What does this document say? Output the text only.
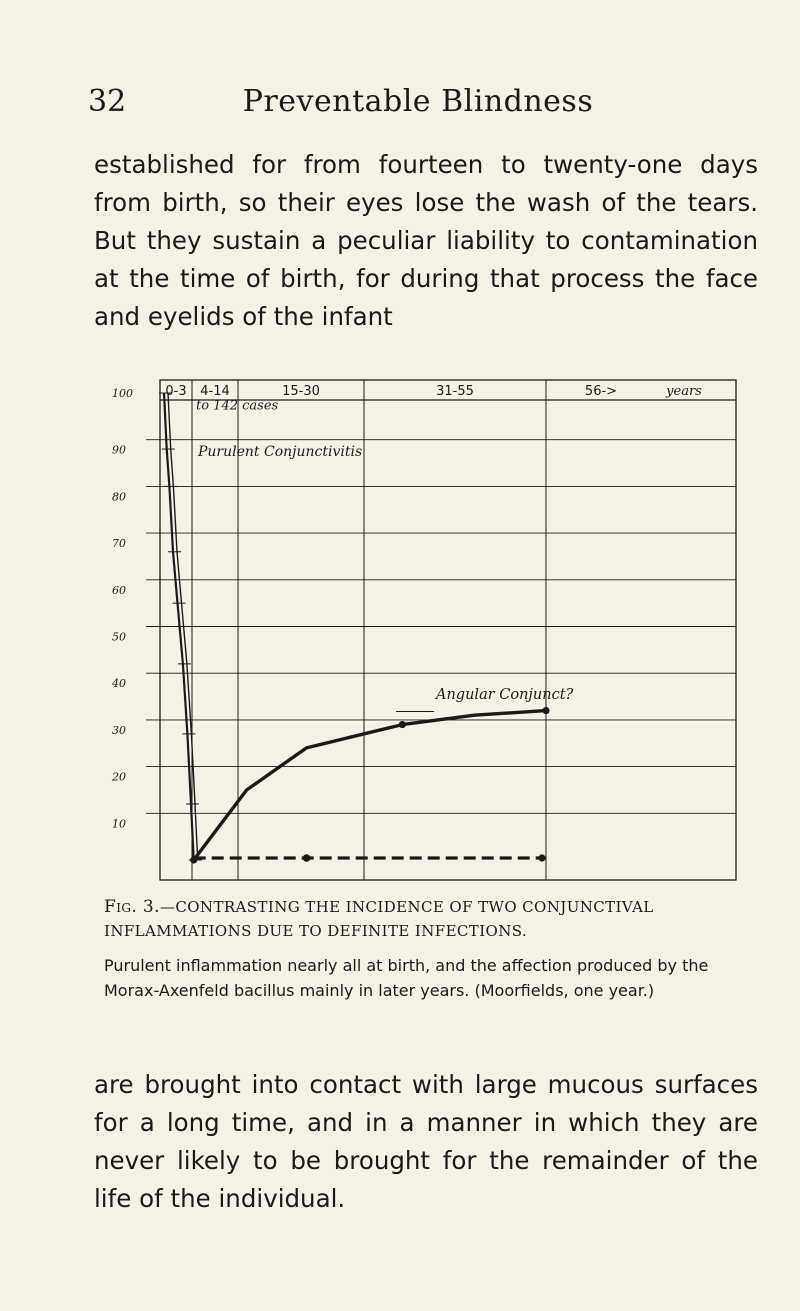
32	Preventable Blindness

established for from fourteen to twenty-one days from birth, so their eyes lose the wash of the tears. But they sustain a peculiar liability to contamination at the time of birth, for during that process the face and eyelids of the infant

0-3 4-14	15-30	31-55	56->	years
100
90
80
70
60
50
40
30
20
10
to 142 cases
Purulent Conjunctivitis
Angular Conjunct?

Fig. 3.—CONTRASTING THE INCIDENCE OF TWO CONJUNCTIVAL INFLAMMATIONS DUE TO DEFINITE INFECTIONS.

Purulent inflammation nearly all at birth, and the affection produced by the Morax-Axenfeld bacillus mainly in later years. (Moorfields, one year.)

are brought into contact with large mucous surfaces for a long time, and in a manner in which they are never likely to be brought for the remainder of the life of the individual.
